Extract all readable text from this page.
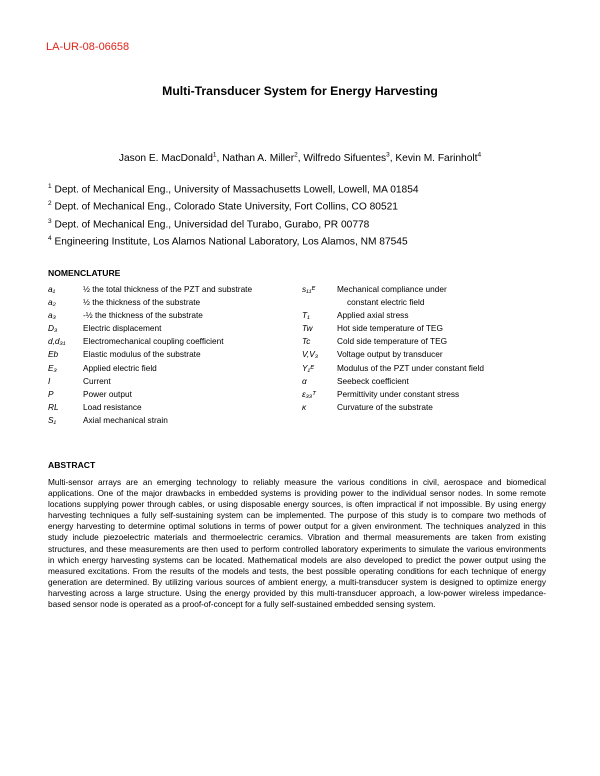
LA-UR-08-06658
Multi-Transducer System for Energy Harvesting
Jason E. MacDonald$^1$, Nathan A. Miller$^2$, Wilfredo Sifuentes$^3$, Kevin M. Farinholt$^4$
$^1$ Dept. of Mechanical Eng., University of Massachusetts Lowell, Lowell, MA 01854
$^2$ Dept. of Mechanical Eng., Colorado State University, Fort Collins, CO 80521
$^3$ Dept. of Mechanical Eng., Universidad del Turabo, Gurabo, PR 00778
$^4$ Engineering Institute, Los Alamos National Laboratory, Los Alamos, NM 87545
NOMENCLATURE
a₁	½ the total thickness of the PZT and substrate
a₂	½ the thickness of the substrate
a₃	-½ the thickness of the substrate
D₃	Electric displacement
d,d₃₁	Electromechanical coupling coefficient
Eb	Elastic modulus of the substrate
E₃	Applied electric field
I	Current
P	Power output
RL	Load resistance
S₁	Axial mechanical strain
s₁₁ᴱ	Mechanical compliance under
constant electric field
T₁	Applied axial stress
Tw	Hot side temperature of TEG
Tc	Cold side temperature of TEG
V,V₃	Voltage output by transducer
Y₁ᴱ	Modulus of the PZT under constant field
α	Seebeck coefficient
ε₃₃ᵀ	Permittivity under constant stress
κ	Curvature of the substrate
ABSTRACT
Multi-sensor arrays are an emerging technology to reliably measure the various conditions in civil, aerospace and biomedical applications. One of the major drawbacks in embedded systems is providing power to the individual sensor nodes. In some remote locations supplying power through cables, or using disposable energy sources, is often impractical if not impossible. By using energy harvesting techniques a fully self-sustaining system can be implemented. The purpose of this study is to compare two methods of energy harvesting to determine optimal solutions in terms of power output for a given environment. The techniques analyzed in this study include piezoelectric materials and thermoelectric ceramics. Vibration and thermal measurements are taken from existing structures, and these measurements are then used to perform controlled laboratory experiments to simulate the various environments in which energy harvesting systems can be located. Mathematical models are also developed to predict the power output using the measured excitations. From the results of the models and tests, the best possible operating conditions for each technique of energy generation are determined. By utilizing various sources of ambient energy, a multi-transducer system is designed to optimize energy harvesting across a large structure. Using the energy provided by this multi-transducer approach, a low-power wireless impedance-based sensor node is operated as a proof-of-concept for a fully self-sustained embedded sensing system.
